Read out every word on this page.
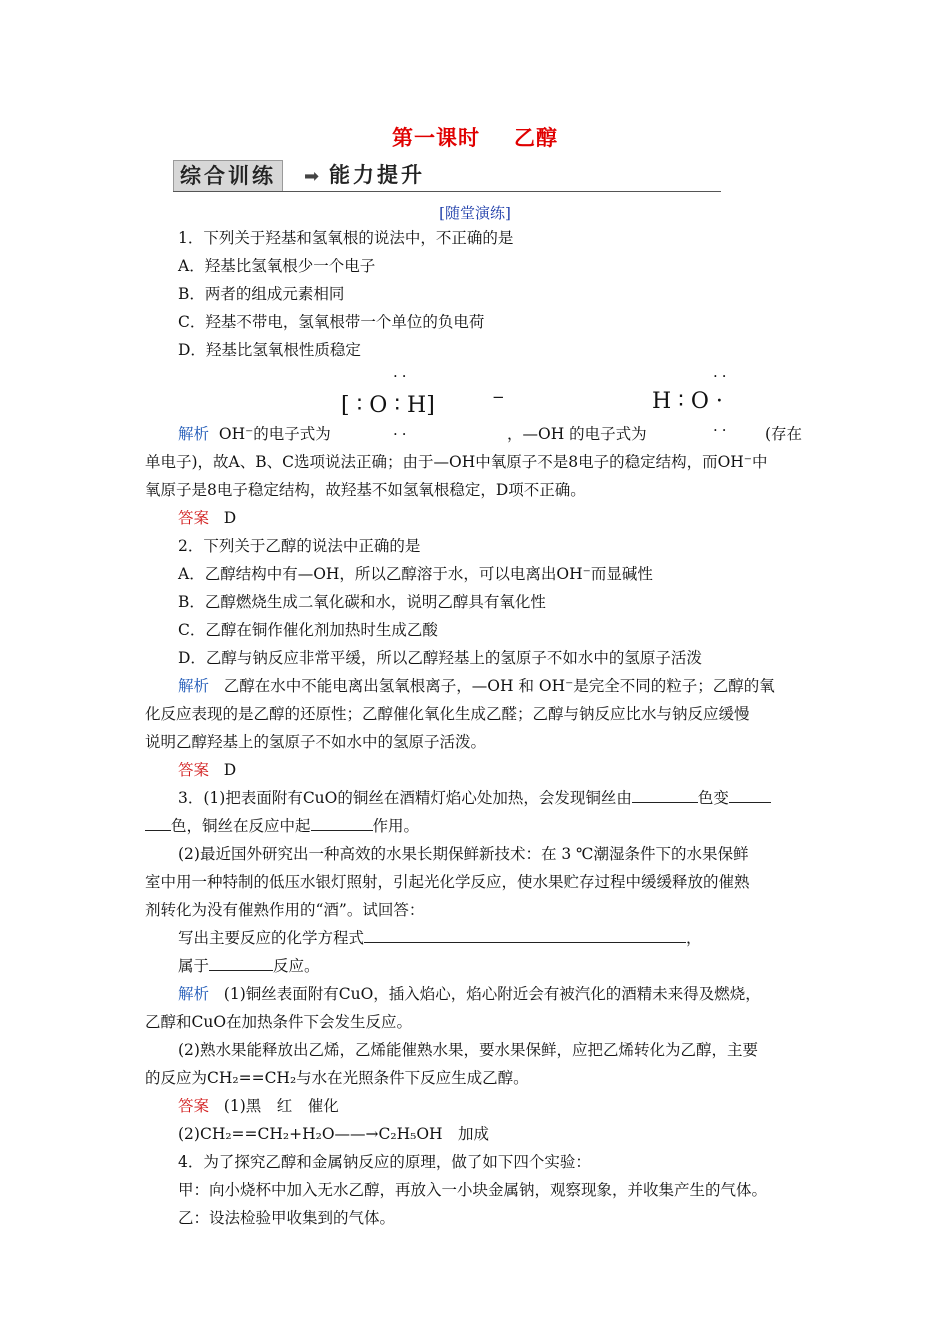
第一课时 乙醇
综合训练	➡ 能力提升
[随堂演练]
1．下列关于羟基和氢氧根的说法中，不正确的是
A．羟基比氢氧根少一个电子
B．两者的组成元素相同
C．羟基不带电，氢氧根带一个单位的负电荷
D．羟基比氢氧根性质稳定
··
[ ∶ O ∶ H]	−
··
··
H ∶ O ·
··
解析 OH⁻的电子式为	，—OH 的电子式为	(存在
单电子)，故A、B、C选项说法正确；由于—OH中氧原子不是8电子的稳定结构，而OH⁻中
氧原子是8电子稳定结构，故羟基不如氢氧根稳定，D项不正确。
答案 D
2．下列关于乙醇的说法中正确的是
A．乙醇结构中有—OH，所以乙醇溶于水，可以电离出OH⁻而显碱性
B．乙醇燃烧生成二氧化碳和水，说明乙醇具有氧化性
C．乙醇在铜作催化剂加热时生成乙酸
D．乙醇与钠反应非常平缓，所以乙醇羟基上的氢原子不如水中的氢原子活泼
解析 乙醇在水中不能电离出氢氧根离子，—OH 和 OH⁻是完全不同的粒子；乙醇的氧
化反应表现的是乙醇的还原性；乙醇催化氧化生成乙醛；乙醇与钠反应比水与钠反应缓慢
说明乙醇羟基上的氢原子不如水中的氢原子活泼。
答案 D
3．(1)把表面附有CuO的铜丝在酒精灯焰心处加热，会发现铜丝由	色变
色，铜丝在反应中起	作用。
(2)最近国外研究出一种高效的水果长期保鲜新技术：在 3 ℃潮湿条件下的水果保鲜
室中用一种特制的低压水银灯照射，引起光化学反应，使水果贮存过程中缓缓释放的催熟
剂转化为没有催熟作用的“酒”。试回答：
写出主要反应的化学方程式	，
属于	反应。
解析 (1)铜丝表面附有CuO，插入焰心，焰心附近会有被汽化的酒精未来得及燃烧，
乙醇和CuO在加热条件下会发生反应。
(2)熟水果能释放出乙烯，乙烯能催熟水果，要水果保鲜，应把乙烯转化为乙醇，主要
的反应为CH₂==CH₂与水在光照条件下反应生成乙醇。
答案 (1)黑　红　催化
(2)CH₂==CH₂+H₂O——→C₂H₅OH　加成
4．为了探究乙醇和金属钠反应的原理，做了如下四个实验：
甲：向小烧杯中加入无水乙醇，再放入一小块金属钠，观察现象，并收集产生的气体。
乙：设法检验甲收集到的气体。
